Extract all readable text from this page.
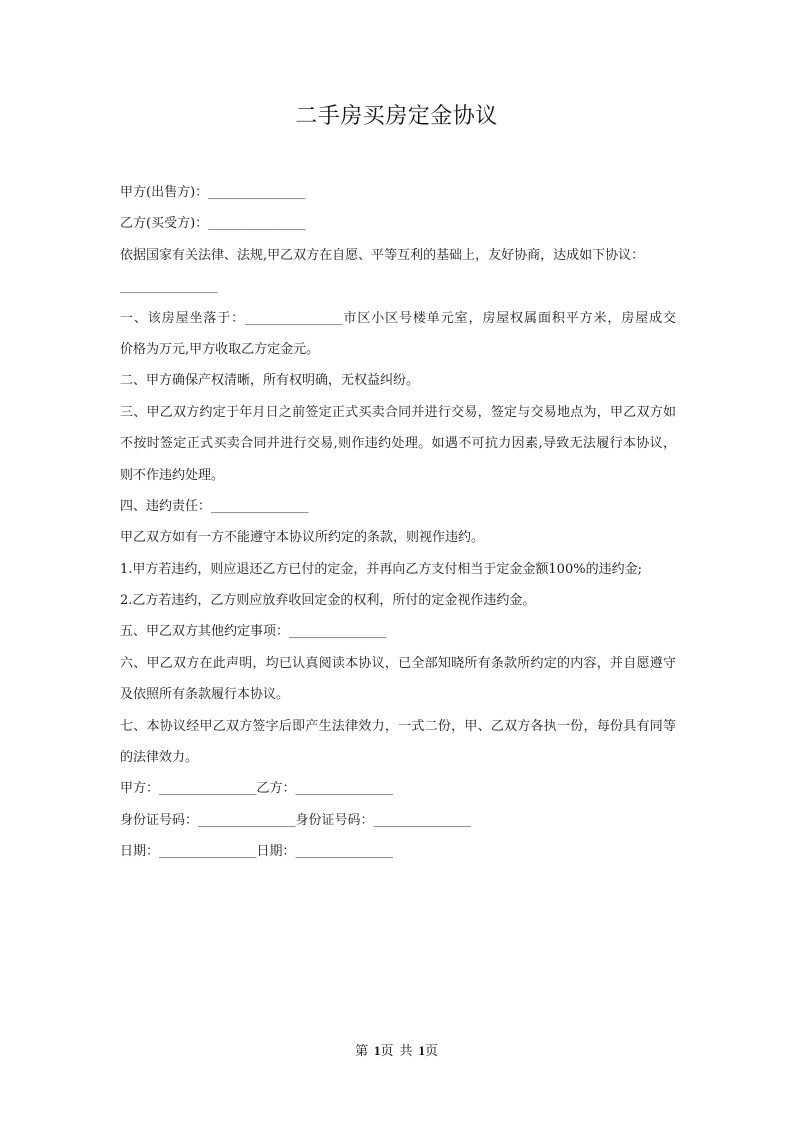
二手房买房定金协议
甲方(出售方)：_______________
乙方(买受方)：_______________
依据国家有关法律、法规,甲乙双方在自愿、平等互利的基础上，友好协商，达成如下协议：
_______________
一、该房屋坐落于：_______________市区小区号楼单元室，房屋权属面积平方米，房屋成交
价格为万元,甲方收取乙方定金元。
二、甲方确保产权清晰，所有权明确，无权益纠纷。
三、甲乙双方约定于年月日之前签定正式买卖合同并进行交易，签定与交易地点为，甲乙双方如
不按时签定正式买卖合同并进行交易,则作违约处理。如遇不可抗力因素,导致无法履行本协议，
则不作违约处理。
四、违约责任：_______________
甲乙双方如有一方不能遵守本协议所约定的条款，则视作违约。
1.甲方若违约，则应退还乙方已付的定金，并再向乙方支付相当于定金金额100%的违约金;
2.乙方若违约，乙方则应放弃收回定金的权利，所付的定金视作违约金。
五、甲乙双方其他约定事项：_______________
六、甲乙双方在此声明，均已认真阅读本协议，已全部知晓所有条款所约定的内容，并自愿遵守
及依照所有条款履行本协议。
七、本协议经甲乙双方签字后即产生法律效力，一式二份，甲、乙双方各执一份，每份具有同等
的法律效力。
甲方：_______________乙方：_______________
身份证号码：_______________身份证号码：_______________
日期：_______________日期：_______________
第 1页 共 1页
